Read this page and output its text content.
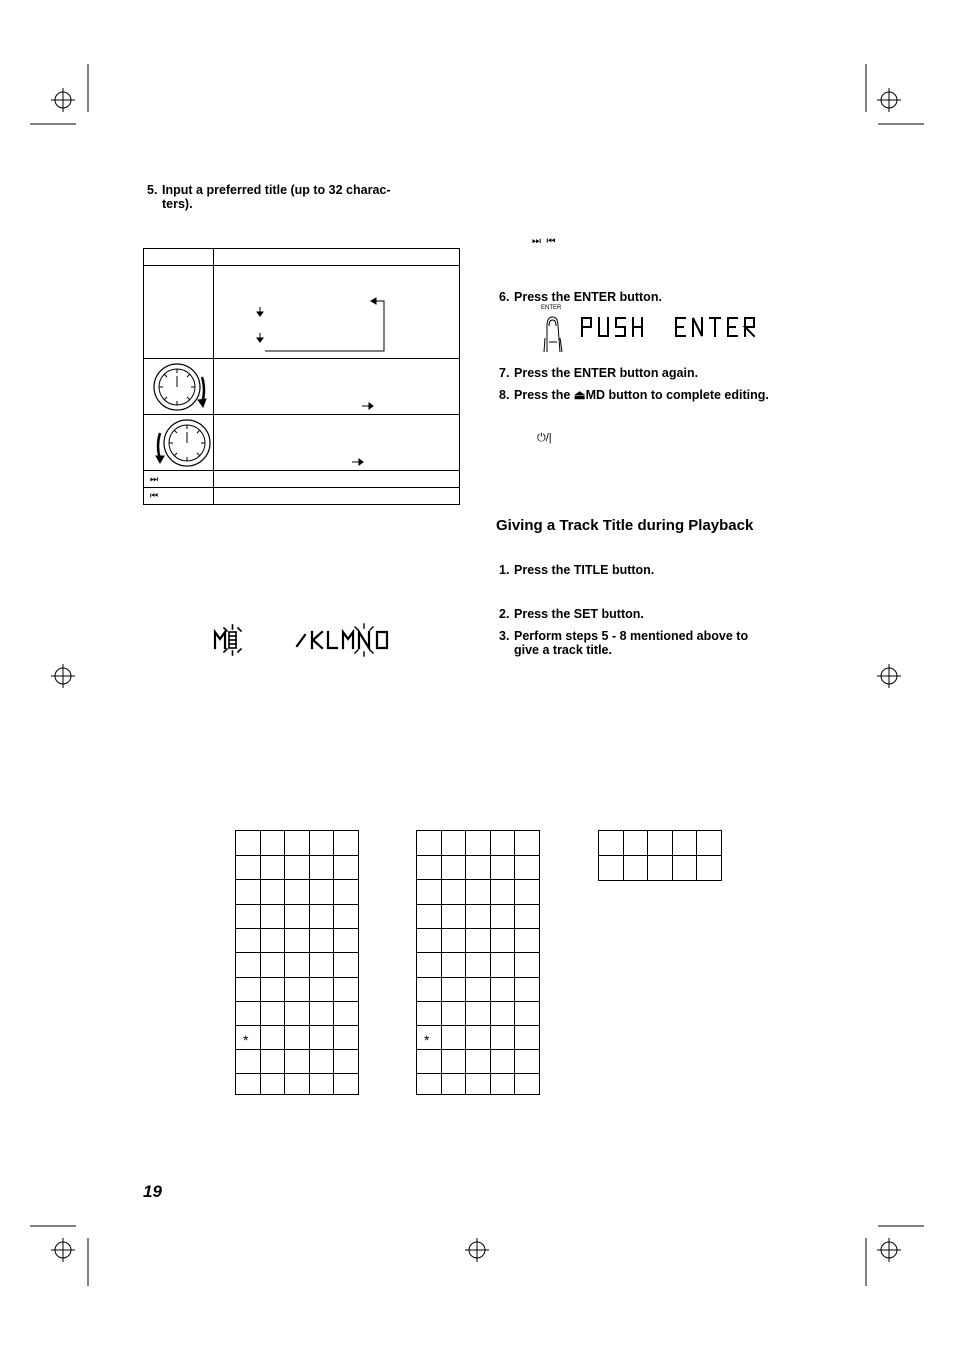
5. Input a preferred title (up to 32 charac-
ters).
⏭
⏮
⏭  ⏮
6. Press the ENTER button.
ENTER
7. Press the ENTER button again.
8. Press the ⏏MD button to complete editing.
⏻/|
Giving a Track Title during Playback
1. Press the TITLE button.
2. Press the SET button.
3. Perform steps 5 - 8 mentioned above to
give a track title.
*	*
19
